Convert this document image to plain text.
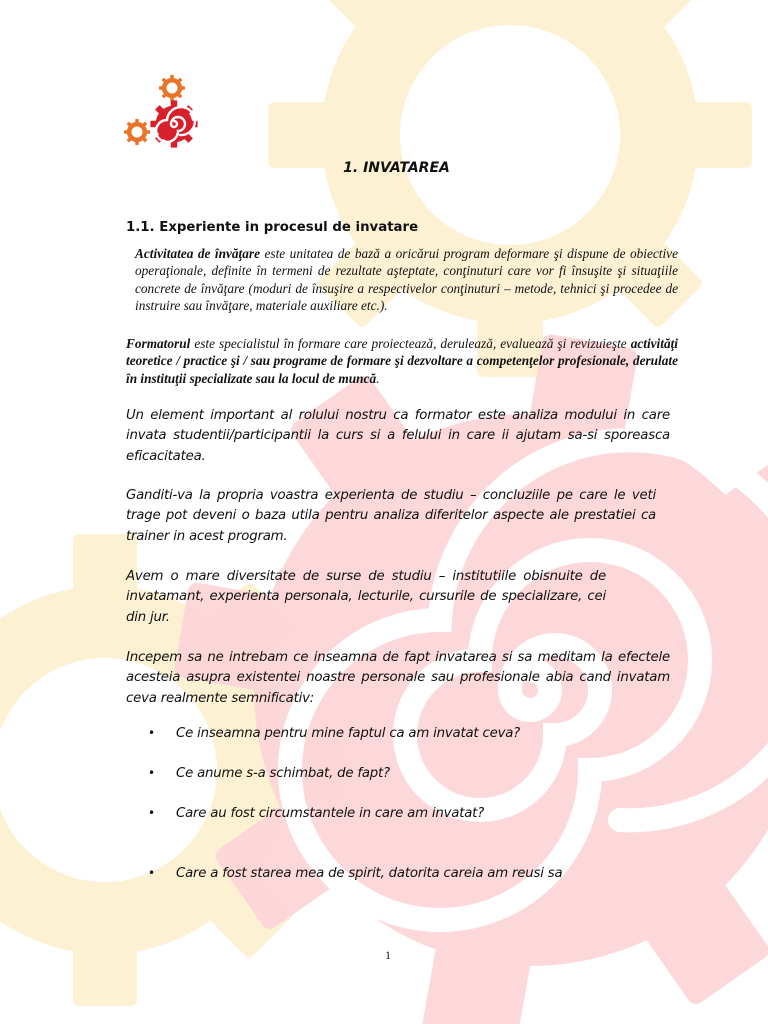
1. INVATAREA
1.1. Experiente in procesul de invatare

Activitatea de învăţare este unitatea de bază a oricărui program deformare şi dispune de obiective operaţionale, definite în termeni de rezultate aşteptate, conţinuturi care vor fi însuşite şi situaţiile concrete de învăţare (moduri de însuşire a respectivelor conţinuturi – metode, tehnici şi procedee de instruire sau învăţare, materiale auxiliare etc.).

Formatorul este specialistul în formare care proiectează, derulează, evaluează şi revizuieşte activităţi teoretice / practice şi / sau programe de formare şi dezvoltare a competenţelor profesionale, derulate în instituţii specializate sau la locul de muncă.

Un element important al rolului nostru ca formator este analiza modului in care invata studentii/participantii la curs si a felului in care ii ajutam sa-si sporeasca eficacitatea.

Ganditi-va la propria voastra experienta de studiu – concluziile pe care le veti trage pot deveni o baza utila pentru analiza diferitelor aspecte ale prestatiei ca trainer in acest program.

Avem o mare diversitate de surse de studiu – institutiile obisnuite de invatamant, experienta personala, lecturile, cursurile de specializare, cei din jur.

Incepem sa ne intrebam ce inseamna de fapt invatarea si sa meditam la efectele acesteia asupra existentei noastre personale sau profesionale abia cand invatam ceva realmente semnificativ:

• Ce inseamna pentru mine faptul ca am invatat ceva?
• Ce anume s-a schimbat, de fapt?
• Care au fost circumstantele in care am invatat?
• Care a fost starea mea de spirit, datorita careia am reusi sa
1
